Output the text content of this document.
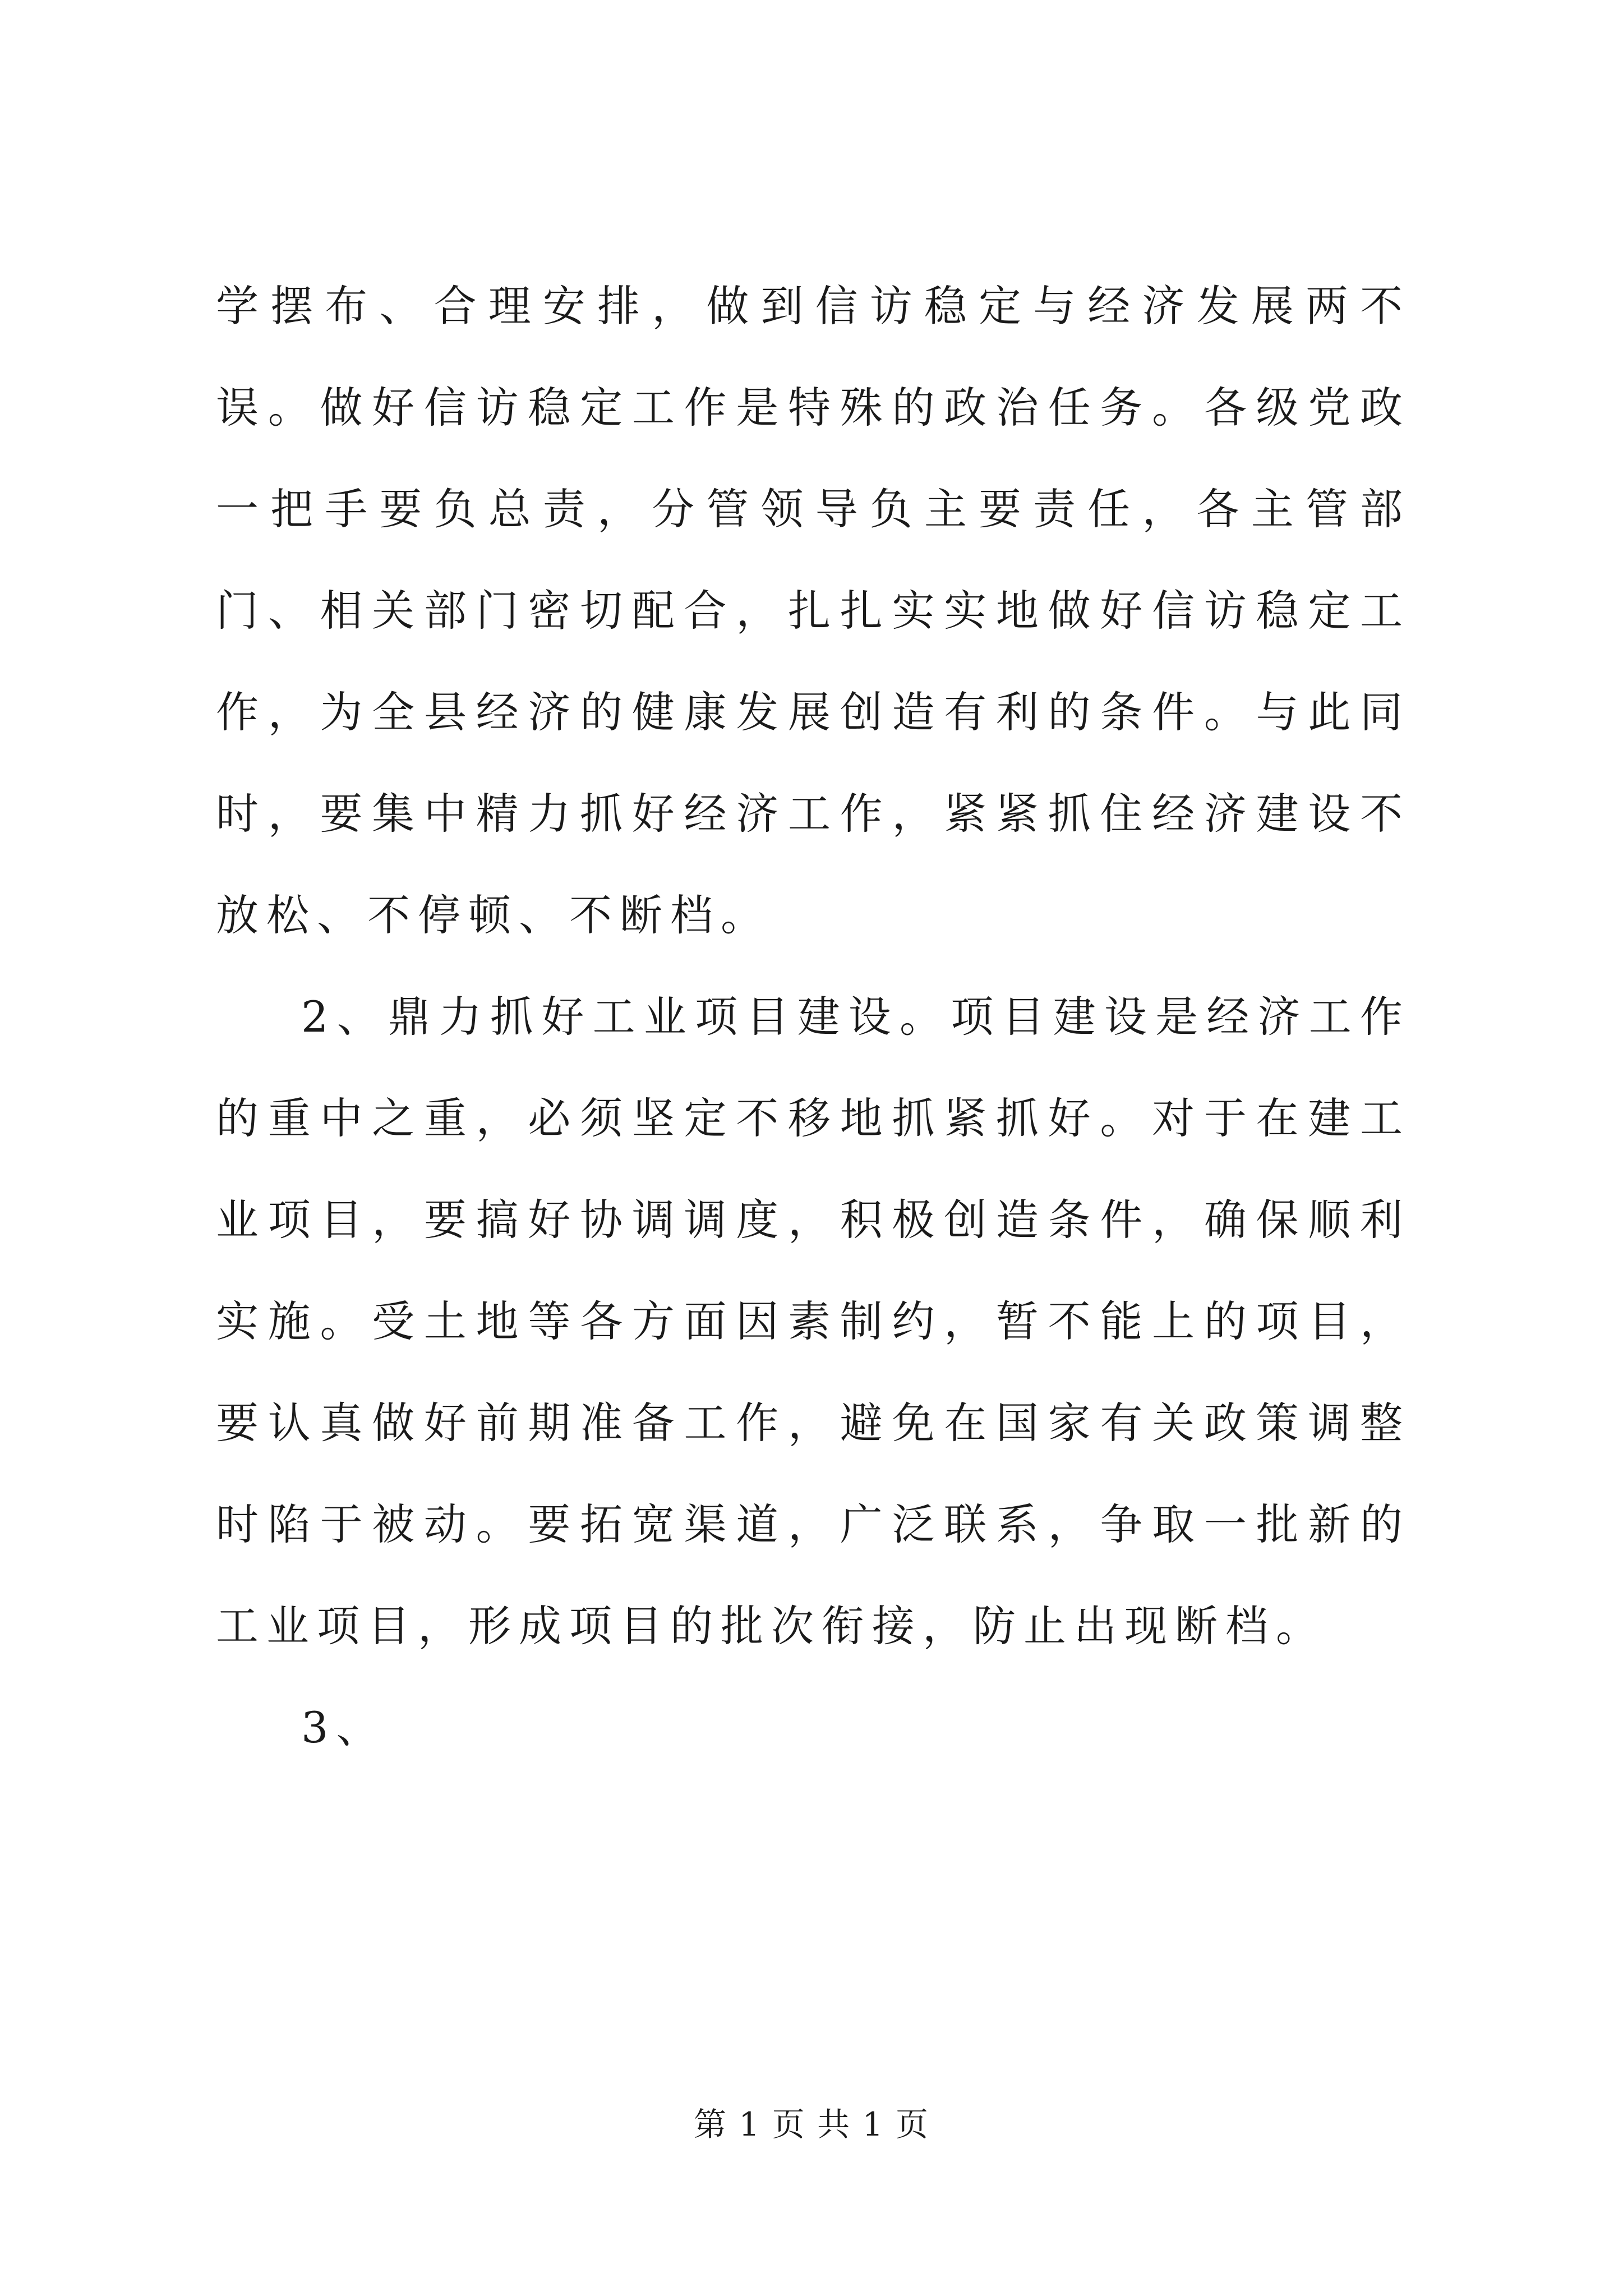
学摆布、合理安排，做到信访稳定与经济发展两不误。做好信访稳定工作是特殊的政治任务。各级党政一把手要负总责，分管领导负主要责任，各主管部门、相关部门密切配合，扎扎实实地做好信访稳定工作，为全县经济的健康发展创造有利的条件。与此同时，要集中精力抓好经济工作，紧紧抓住经济建设不放松、不停顿、不断档。

2、鼎力抓好工业项目建设。项目建设是经济工作的重中之重，必须坚定不移地抓紧抓好。对于在建工业项目，要搞好协调调度，积极创造条件，确保顺利实施。受土地等各方面因素制约，暂不能上的项目，要认真做好前期准备工作，避免在国家有关政策调整时陷于被动。要拓宽渠道，广泛联系，争取一批新的工业项目，形成项目的批次衔接，防止出现断档。

3、

第 1 页 共 1 页
